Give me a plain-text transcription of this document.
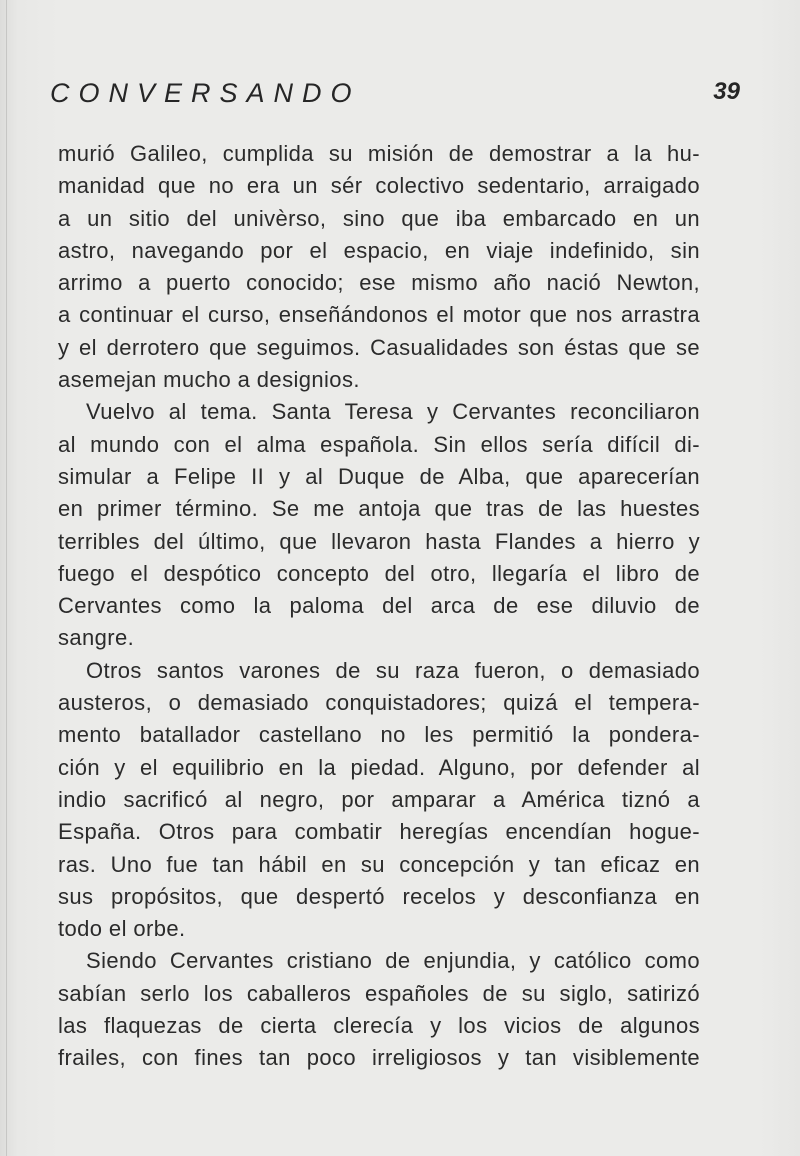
CONVERSANDO	39
murió Galileo, cumplida su misión de demostrar a la hu-
manidad que no era un sér colectivo sedentario, arraigado
a un sitio del univèrso, sino que iba embarcado en un
astro, navegando por el espacio, en viaje indefinido, sin
arrimo a puerto conocido; ese mismo año nació Newton,
a continuar el curso, enseñándonos el motor que nos arrastra
y el derrotero que seguimos. Casualidades son éstas que se
asemejan mucho a designios.
Vuelvo al tema. Santa Teresa y Cervantes reconciliaron
al mundo con el alma española. Sin ellos sería difícil di-
simular a Felipe II y al Duque de Alba, que aparecerían
en primer término. Se me antoja que tras de las huestes
terribles del último, que llevaron hasta Flandes a hierro y
fuego el despótico concepto del otro, llegaría el libro de
Cervantes como la paloma del arca de ese diluvio de
sangre.
Otros santos varones de su raza fueron, o demasiado
austeros, o demasiado conquistadores; quizá el tempera-
mento batallador castellano no les permitió la pondera-
ción y el equilibrio en la piedad. Alguno, por defender al
indio sacrificó al negro, por amparar a América tiznó a
España. Otros para combatir heregías encendían hogue-
ras. Uno fue tan hábil en su concepción y tan eficaz en
sus propósitos, que despertó recelos y desconfianza en
todo el orbe.
Siendo Cervantes cristiano de enjundia, y católico como
sabían serlo los caballeros españoles de su siglo, satirizó
las flaquezas de cierta clerecía y los vicios de algunos
frailes, con fines tan poco irreligiosos y tan visiblemente
